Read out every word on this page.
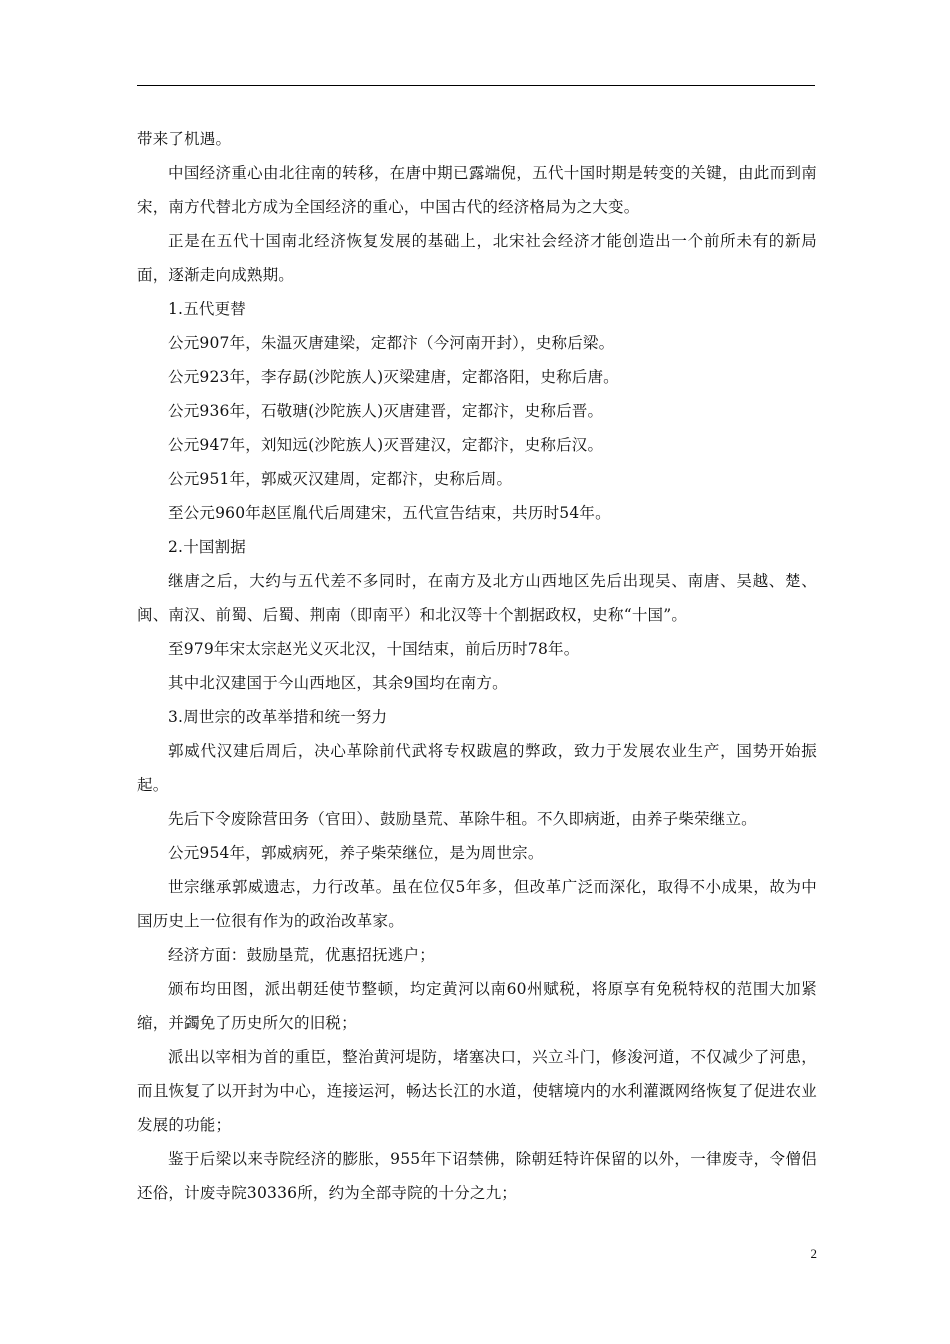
带来了机遇。

中国经济重心由北往南的转移，在唐中期已露端倪，五代十国时期是转变的关键，由此而到南宋，南方代替北方成为全国经济的重心，中国古代的经济格局为之大变。

正是在五代十国南北经济恢复发展的基础上，北宋社会经济才能创造出一个前所未有的新局面，逐渐走向成熟期。

1.五代更替

公元907年，朱温灭唐建梁，定都汴（今河南开封），史称后梁。

公元923年，李存勗(沙陀族人)灭梁建唐，定都洛阳，史称后唐。

公元936年，石敬瑭(沙陀族人)灭唐建晋，定都汴，史称后晋。

公元947年，刘知远(沙陀族人)灭晋建汉，定都汴，史称后汉。

公元951年，郭威灭汉建周，定都汴，史称后周。

至公元960年赵匡胤代后周建宋，五代宣告结束，共历时54年。

2.十国割据

继唐之后，大约与五代差不多同时，在南方及北方山西地区先后出现吴、南唐、吴越、楚、闽、南汉、前蜀、后蜀、荆南（即南平）和北汉等十个割据政权，史称“十国”。

至979年宋太宗赵光义灭北汉，十国结束，前后历时78年。

其中北汉建国于今山西地区，其余9国均在南方。

3.周世宗的改革举措和统一努力

郭威代汉建后周后，决心革除前代武将专权跋扈的弊政，致力于发展农业生产，国势开始振起。

先后下令废除营田务（官田）、鼓励垦荒、革除牛租。不久即病逝，由养子柴荣继立。

公元954年，郭威病死，养子柴荣继位，是为周世宗。

世宗继承郭威遗志，力行改革。虽在位仅5年多，但改革广泛而深化，取得不小成果，故为中国历史上一位很有作为的政治改革家。

经济方面：鼓励垦荒，优惠招抚逃户；

颁布均田图，派出朝廷使节整顿，均定黄河以南60州赋税，将原享有免税特权的范围大加紧缩，并蠲免了历史所欠的旧税；

派出以宰相为首的重臣，整治黄河堤防，堵塞决口，兴立斗门，修浚河道，不仅减少了河患，而且恢复了以开封为中心，连接运河，畅达长江的水道，使辖境内的水利灌溉网络恢复了促进农业发展的功能；

鉴于后梁以来寺院经济的膨胀，955年下诏禁佛，除朝廷特许保留的以外，一律废寺，令僧侣还俗，计废寺院30336所，约为全部寺院的十分之九；

2
